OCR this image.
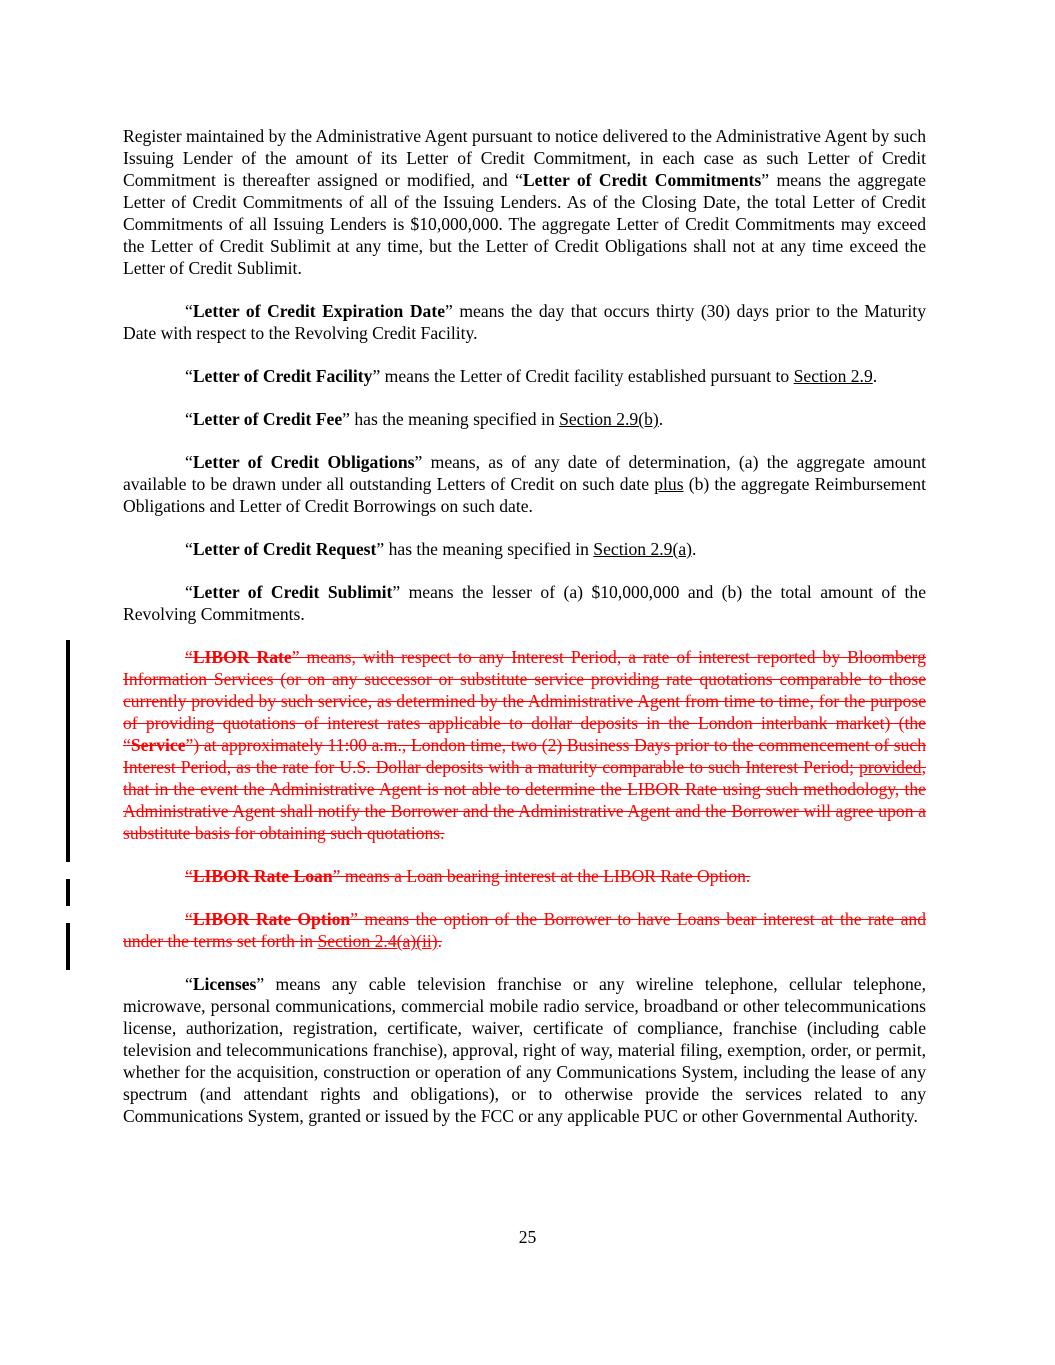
Register maintained by the Administrative Agent pursuant to notice delivered to the Administrative Agent by such Issuing Lender of the amount of its Letter of Credit Commitment, in each case as such Letter of Credit Commitment is thereafter assigned or modified, and “Letter of Credit Commitments” means the aggregate Letter of Credit Commitments of all of the Issuing Lenders. As of the Closing Date, the total Letter of Credit Commitments of all Issuing Lenders is $10,000,000. The aggregate Letter of Credit Commitments may exceed the Letter of Credit Sublimit at any time, but the Letter of Credit Obligations shall not at any time exceed the Letter of Credit Sublimit.

“Letter of Credit Expiration Date” means the day that occurs thirty (30) days prior to the Maturity Date with respect to the Revolving Credit Facility.

“Letter of Credit Facility” means the Letter of Credit facility established pursuant to Section 2.9.

“Letter of Credit Fee” has the meaning specified in Section 2.9(b).

“Letter of Credit Obligations” means, as of any date of determination, (a) the aggregate amount available to be drawn under all outstanding Letters of Credit on such date plus (b) the aggregate Reimbursement Obligations and Letter of Credit Borrowings on such date.

“Letter of Credit Request” has the meaning specified in Section 2.9(a).

“Letter of Credit Sublimit” means the lesser of (a) $10,000,000 and (b) the total amount of the Revolving Commitments.

“LIBOR Rate” means, with respect to any Interest Period, a rate of interest reported by Bloomberg Information Services (or on any successor or substitute service providing rate quotations comparable to those currently provided by such service, as determined by the Administrative Agent from time to time, for the purpose of providing quotations of interest rates applicable to dollar deposits in the London interbank market) (the “Service”) at approximately 11:00 a.m., London time, two (2) Business Days prior to the commencement of such Interest Period, as the rate for U.S. Dollar deposits with a maturity comparable to such Interest Period; provided, that in the event the Administrative Agent is not able to determine the LIBOR Rate using such methodology, the Administrative Agent shall notify the Borrower and the Administrative Agent and the Borrower will agree upon a substitute basis for obtaining such quotations.

“LIBOR Rate Loan” means a Loan bearing interest at the LIBOR Rate Option.

“LIBOR Rate Option” means the option of the Borrower to have Loans bear interest at the rate and under the terms set forth in Section 2.4(a)(ii).

“Licenses” means any cable television franchise or any wireline telephone, cellular telephone, microwave, personal communications, commercial mobile radio service, broadband or other telecommunications license, authorization, registration, certificate, waiver, certificate of compliance, franchise (including cable television and telecommunications franchise), approval, right of way, material filing, exemption, order, or permit, whether for the acquisition, construction or operation of any Communications System, including the lease of any spectrum (and attendant rights and obligations), or to otherwise provide the services related to any Communications System, granted or issued by the FCC or any applicable PUC or other Governmental Authority.

25
